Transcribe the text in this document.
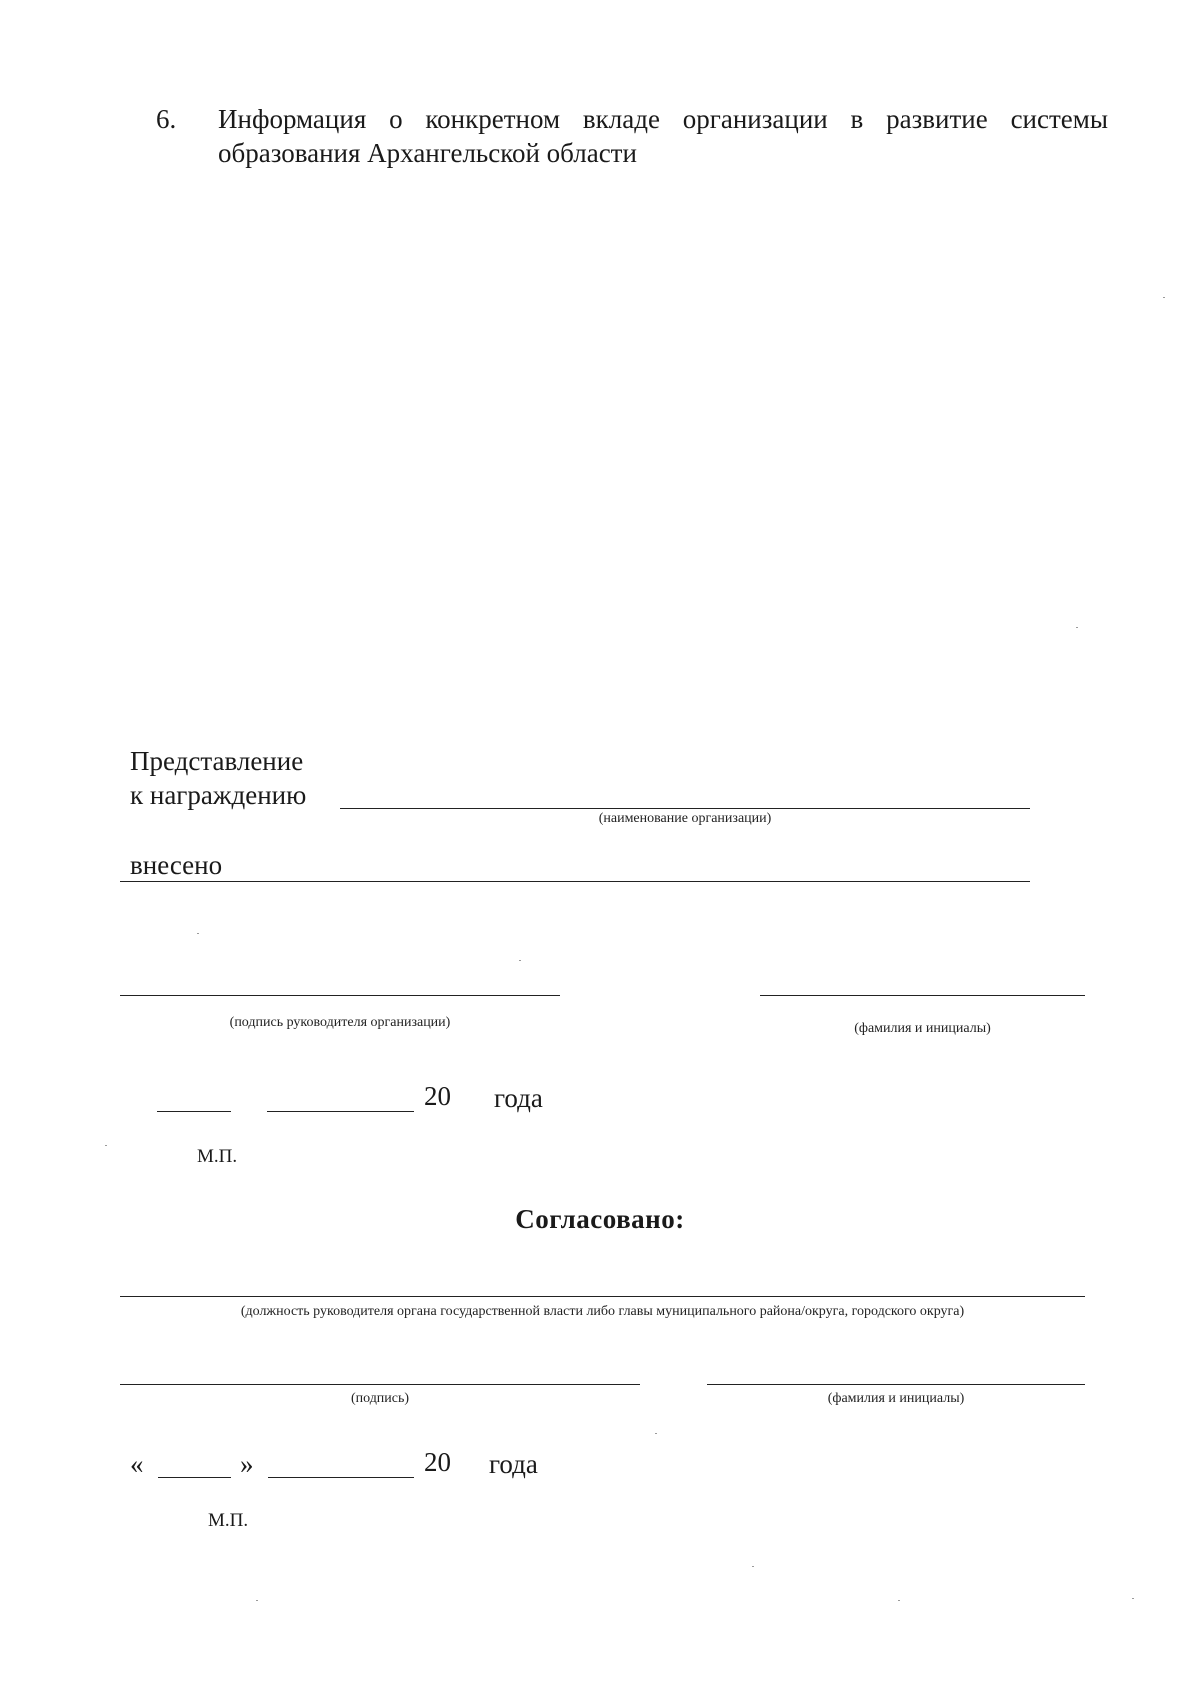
6. Информация о конкретном вкладе организации в развитие системы образования Архангельской области
Представление
к награждению
(наименование организации)
внесено
(подпись руководителя организации)	(фамилия и инициалы)
20 года
М.П.
Согласовано:
(должность руководителя органа государственной власти либо главы муниципального района/округа, городского округа)
(подпись)	(фамилия и инициалы)
«	»	20 года
М.П.
